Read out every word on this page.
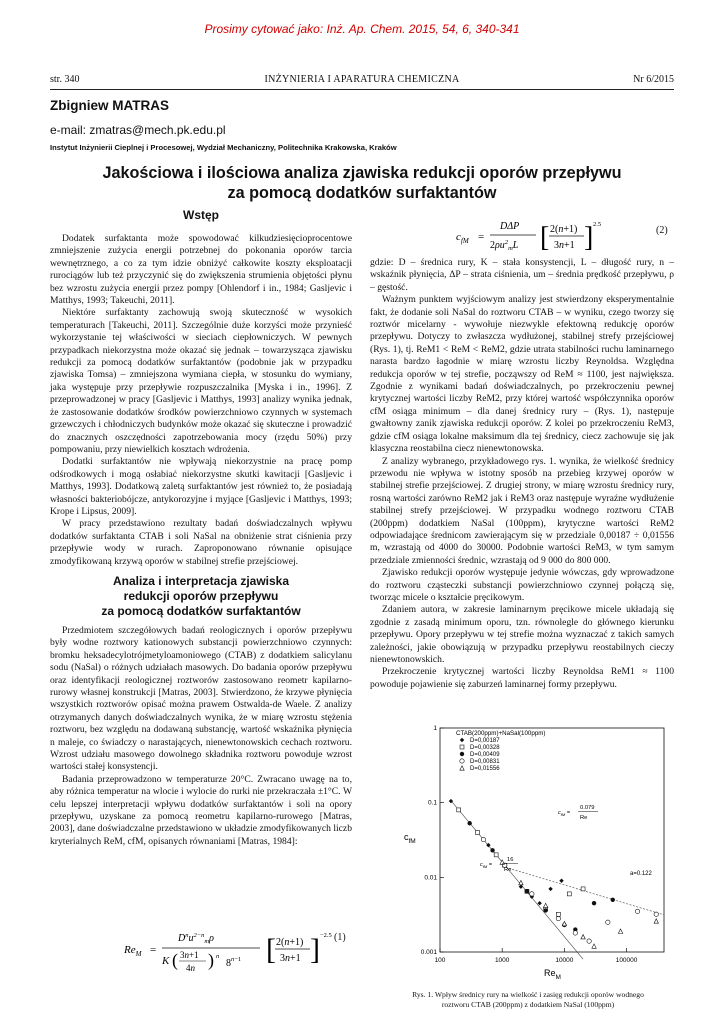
Prosimy cytować jako: Inż. Ap. Chem. 2015, 54, 6, 340-341
str. 340	INŻYNIERIA I APARATURA CHEMICZNA	Nr 6/2015
Zbigniew MATRAS
e-mail: zmatras@mech.pk.edu.pl
Instytut Inżynierii Cieplnej i Procesowej, Wydział Mechaniczny, Politechnika Krakowska, Kraków
Jakościowa i ilościowa analiza zjawiska redukcji oporów przepływu
za pomocą dodatków surfaktantów
Wstęp

Dodatek surfaktanta może spowodować kilkudziesięcioprocentowe zmniejszenie zużycia energii potrzebnej do pokonania oporów tarcia wewnętrznego, a co za tym idzie obniżyć całkowite koszty eksploatacji rurociągów lub też przyczynić się do zwiększenia strumienia objętości płynu bez wzrostu zużycia energii przez pompy [Ohlendorf i in., 1984; Gasljevic i Matthys, 1993; Takeuchi, 2011].

Niektóre surfaktanty zachowują swoją skuteczność w wysokich temperaturach [Takeuchi, 2011]. Szczególnie duże korzyści może przynieść wykorzystanie tej właściwości w sieciach ciepłowniczych. W pewnych przypadkach niekorzystna może okazać się jednak – towarzysząca zjawisku redukcji za pomocą dodatków surfaktantów (podobnie jak w przypadku zjawiska Tomsa) – zmniejszona wymiana ciepła, w stosunku do wymiany, jaka występuje przy przepływie rozpuszczalnika [Myska i in., 1996]. Z przeprowadzonej w pracy [Gasljevic i Matthys, 1993] analizy wynika jednak, że zastosowanie dodatków środków powierzchniowo czynnych w systemach grzewczych i chłodniczych budynków może okazać się skuteczne i prowadzić do znacznych oszczędności zapotrzebowania mocy (rzędu 50%) przy pompowaniu, przy niewielkich kosztach wdrożenia.

Dodatki surfaktantów nie wpływają niekorzystnie na pracę pomp odśrodkowych i mogą osłabiać niekorzystne skutki kawitacji [Gasljevic i Matthys, 1993]. Dodatkową zaletą surfaktantów jest również to, że posiadają własności bakteriobójcze, antykorozyjne i myjące [Gasljevic i Matthys, 1993; Krope i Lipsus, 2009].

W pracy przedstawiono rezultaty badań doświadczalnych wpływu dodatków surfaktanta CTAB i soli NaSal na obniżenie strat ciśnienia przy przepływie wody w rurach. Zaproponowano równanie opisujące zmodyfikowaną krzywą oporów w stabilnej strefie przejściowej.

Analiza i interpretacja zjawiska
redukcji oporów przepływu
za pomocą dodatków surfaktantów

Przedmiotem szczegółowych badań reologicznych i oporów przepływu były wodne roztwory kationowych substancji powierzchniowo czynnych: bromku heksadecylotrójmetyloamoniowego (CTAB) z dodatkiem salicylanu sodu (NaSal) o różnych udziałach masowych. Do badania oporów przepływu oraz identyfikacji reologicznej roztworów zastosowano reometr kapilarno-rurowy własnej konstrukcji [Matras, 2003]. Stwierdzono, że krzywe płynięcia wszystkich roztworów opisać można prawem Ostwalda-de Waele. Z analizy otrzymanych danych doświadczalnych wynika, że w miarę wzrostu stężenia roztworu, bez względu na dodawaną substancję, wartość wskaźnika płynięcia n maleje, co świadczy o narastających, nienewtonowskich cechach roztworu. Wzrost udziału masowego dowolnego składnika roztworu powoduje wzrost wartości stałej konsystencji.

Badania przeprowadzono w temperaturze 20°C. Zwracano uwagę na to, aby różnica temperatur na wlocie i wylocie do rurki nie przekraczała ±1°C. W celu lepszej interpretacji wpływu dodatków surfaktantów i soli na opory przepływu, uzyskane za pomocą reometru kapilarno-rurowego [Matras, 2003], dane doświadczalne przedstawiono w układzie zmodyfikowanych liczb kryterialnych ReM, cfM, opisanych równaniami [Matras, 1984]:

$Re_M$ =
$D^nu^{2-n}_m\rho$
K ( 3n+1
4n ) n
$8^n-1$ [ 2(n+1)
3n+1 ] −2.5 (1)
$c_{fM}$ =
DΔP
$2\rho u^2_mL$ [ 2(n+1)
3n+1 ] 2.5
(2)

gdzie: D – średnica rury, K – stała konsystencji, L – długość rury, n – wskaźnik płynięcia, ΔP – strata ciśnienia, um – średnia prędkość przepływu, ρ – gęstość.

Ważnym punktem wyjściowym analizy jest stwierdzony eksperymentalnie fakt, że dodanie soli NaSal do roztworu CTAB – w wyniku, czego tworzy się roztwór micelarny - wywołuje niezwykle efektowną redukcję oporów przepływu. Dotyczy to zwłaszcza wydłużonej, stabilnej strefy przejściowej (Rys. 1), tj. ReM1 < ReM < ReM2, gdzie utrata stabilności ruchu laminarnego narasta bardzo łagodnie w miarę wzrostu liczby Reynoldsa. Względna redukcja oporów w tej strefie, począwszy od ReM ≈ 1100, jest największa. Zgodnie z wynikami badań doświadczalnych, po przekroczeniu pewnej krytycznej wartości liczby ReM2, przy której wartość współczynnika oporów cfM osiąga minimum – dla danej średnicy rury – (Rys. 1), następuje gwałtowny zanik zjawiska redukcji oporów. Z kolei po przekroczeniu ReM3, gdzie cfM osiąga lokalne maksimum dla tej średnicy, ciecz zachowuje się jak klasyczna reostabilna ciecz nienewtonowska.

Z analizy wybranego, przykładowego rys. 1. wynika, że wielkość średnicy przewodu nie wpływa w istotny sposób na przebieg krzywej oporów w stabilnej strefie przejściowej. Z drugiej strony, w miarę wzrostu średnicy rury, rosną wartości zarówno ReM2 jak i ReM3 oraz następuje wyraźne wydłużenie stabilnej strefy przejściowej. W przypadku wodnego roztworu CTAB (200ppm) dodatkiem NaSal (100ppm), krytyczne wartości ReM2 odpowiadające średnicom zawierającym się w przedziale 0,00187 ÷ 0,01556 m, wzrastają od 4000 do 30000. Podobnie wartości ReM3, w tym samym przedziale zmienności średnic, wzrastają od 9 000 do 800 000.

Zjawisko redukcji oporów występuje jedynie wówczas, gdy wprowadzone do roztworu cząsteczki substancji powierzchniowo czynnej połączą się, tworząc micele o kształcie pręcikowym.

Zdaniem autora, w zakresie laminarnym pręcikowe micele układają się zgodnie z zasadą minimum oporu, tzn. równolegle do głównego kierunku przepływu. Opory przepływu w tej strefie można wyznaczać z takich samych zależności, jakie obowiązują w przypadku przepływu reostabilnych cieczy nienewtonowskich.

Przekroczenie krytycznej wartości liczby Reynoldsa ReM1 ≈ 1100 powoduje pojawienie się zaburzeń laminarnej formy przepływu.

100	1000	10000	100000
0.001
0.01
0.1
1
$c_{fM}$
$Re_M$
CTAB(200ppm)+NaSal(100ppm)
D=0,00187
D=0,00328
D=0,00409
D=0,00831
D=0,01556
$c_{fM}$ =
0.079
Re
$c_{fM}$ =
16
Re
a=0.122
Rys. 1. Wpływ średnicy rury na wielkość i zasięg redukcji oporów wodnego roztworu CTAB (200ppm) z dodatkiem NaSal (100ppm)
